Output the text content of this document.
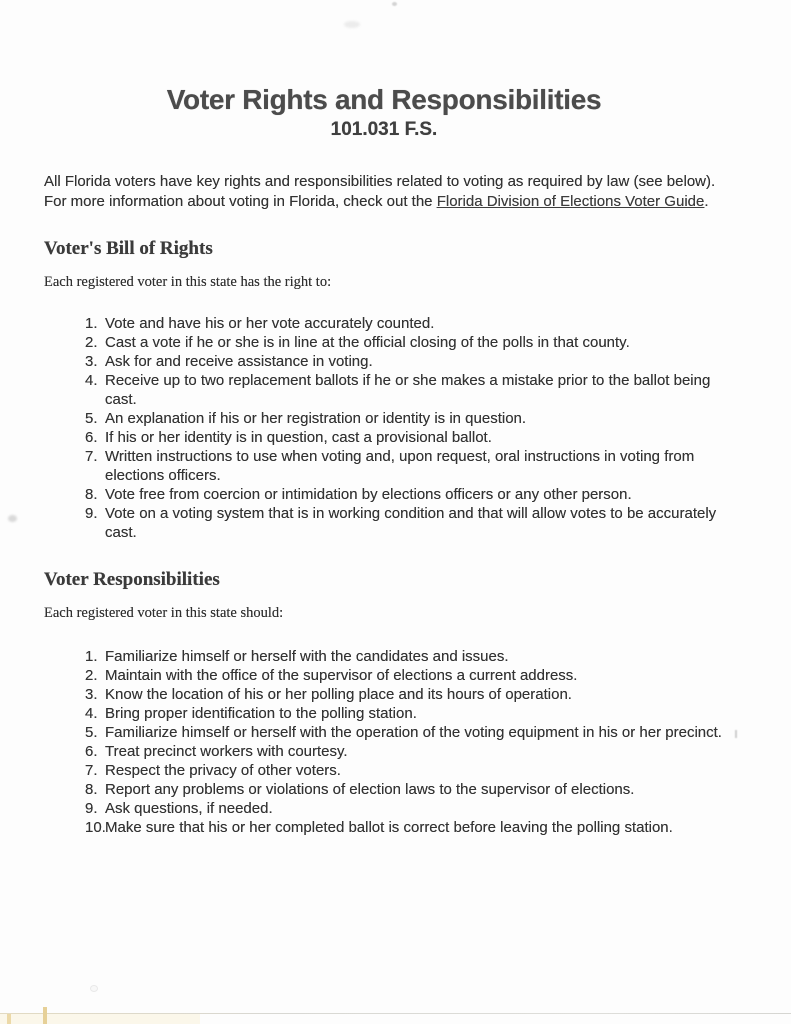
Voter Rights and Responsibilities
101.031 F.S.

All Florida voters have key rights and responsibilities related to voting as required by law (see below).
For more information about voting in Florida, check out the Florida Division of Elections Voter Guide.

Voter's Bill of Rights
Each registered voter in this state has the right to:
1. Vote and have his or her vote accurately counted.
2. Cast a vote if he or she is in line at the official closing of the polls in that county.
3. Ask for and receive assistance in voting.
4. Receive up to two replacement ballots if he or she makes a mistake prior to the ballot being cast.
5. An explanation if his or her registration or identity is in question.
6. If his or her identity is in question, cast a provisional ballot.
7. Written instructions to use when voting and, upon request, oral instructions in voting from elections officers.
8. Vote free from coercion or intimidation by elections officers or any other person.
9. Vote on a voting system that is in working condition and that will allow votes to be accurately cast.
Voter Responsibilities
Each registered voter in this state should:
1. Familiarize himself or herself with the candidates and issues.
2. Maintain with the office of the supervisor of elections a current address.
3. Know the location of his or her polling place and its hours of operation.
4. Bring proper identification to the polling station.
5. Familiarize himself or herself with the operation of the voting equipment in his or her precinct.
6. Treat precinct workers with courtesy.
7. Respect the privacy of other voters.
8. Report any problems or violations of election laws to the supervisor of elections.
9. Ask questions, if needed.
10. Make sure that his or her completed ballot is correct before leaving the polling station.
